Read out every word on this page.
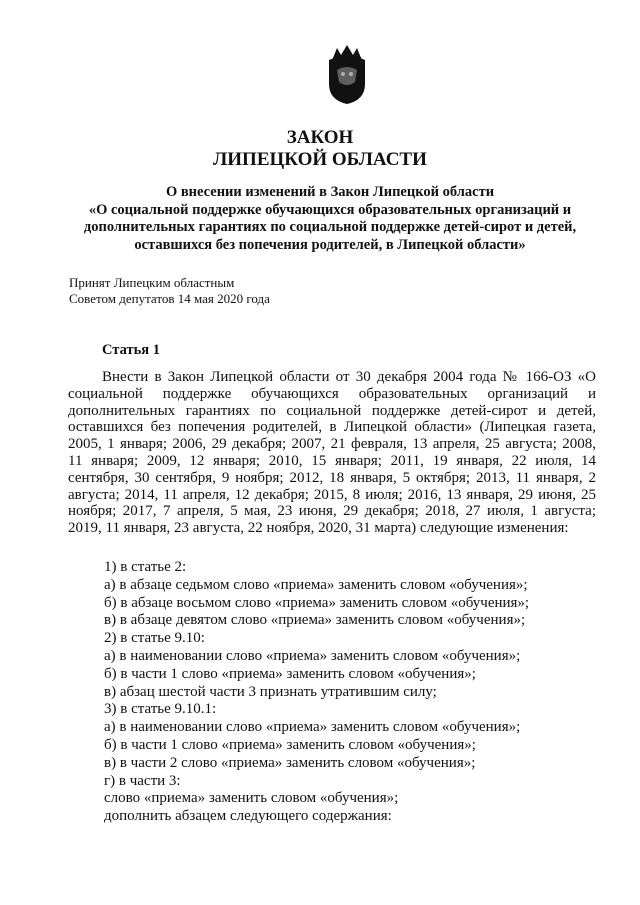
ЗАКОН
ЛИПЕЦКОЙ ОБЛАСТИ
О внесении изменений в Закон Липецкой области
«О социальной поддержке обучающихся образовательных организаций и
дополнительных гарантиях по социальной поддержке детей-сирот и детей,
оставшихся без попечения родителей, в Липецкой области»
Принят Липецким областным
Советом депутатов 14 мая 2020 года
Статья 1
Внести в Закон Липецкой области от 30 декабря 2004 года № 166-ОЗ «О
социальной поддержке обучающихся образовательных организаций и
дополнительных гарантиях по социальной поддержке детей-сирот и детей,
оставшихся без попечения родителей, в Липецкой области» (Липецкая газета,
2005, 1 января; 2006, 29 декабря; 2007, 21 февраля, 13 апреля, 25 августа; 2008,
11 января; 2009, 12 января; 2010, 15 января; 2011, 19 января, 22 июля, 14
сентября, 30 сентября, 9 ноября; 2012, 18 января, 5 октября; 2013, 11 января, 2
августа; 2014, 11 апреля, 12 декабря; 2015, 8 июля; 2016, 13 января, 29 июня, 25
ноября; 2017, 7 апреля, 5 мая, 23 июня, 29 декабря; 2018, 27 июля, 1 августа;
2019, 11 января, 23 августа, 22 ноября, 2020, 31 марта) следующие изменения:
1) в статье 2:
а) в абзаце седьмом слово «приема» заменить словом «обучения»;
б) в абзаце восьмом слово «приема» заменить словом «обучения»;
в) в абзаце девятом слово «приема» заменить словом «обучения»;
2) в статье 9.10:
а) в наименовании слово «приема» заменить словом «обучения»;
б) в части 1 слово «приема» заменить словом «обучения»;
в) абзац шестой части 3 признать утратившим силу;
3) в статье 9.10.1:
а) в наименовании слово «приема» заменить словом «обучения»;
б) в части 1 слово «приема» заменить словом «обучения»;
в) в части 2 слово «приема» заменить словом «обучения»;
г) в части 3:
слово «приема» заменить словом «обучения»;
дополнить абзацем следующего содержания:
